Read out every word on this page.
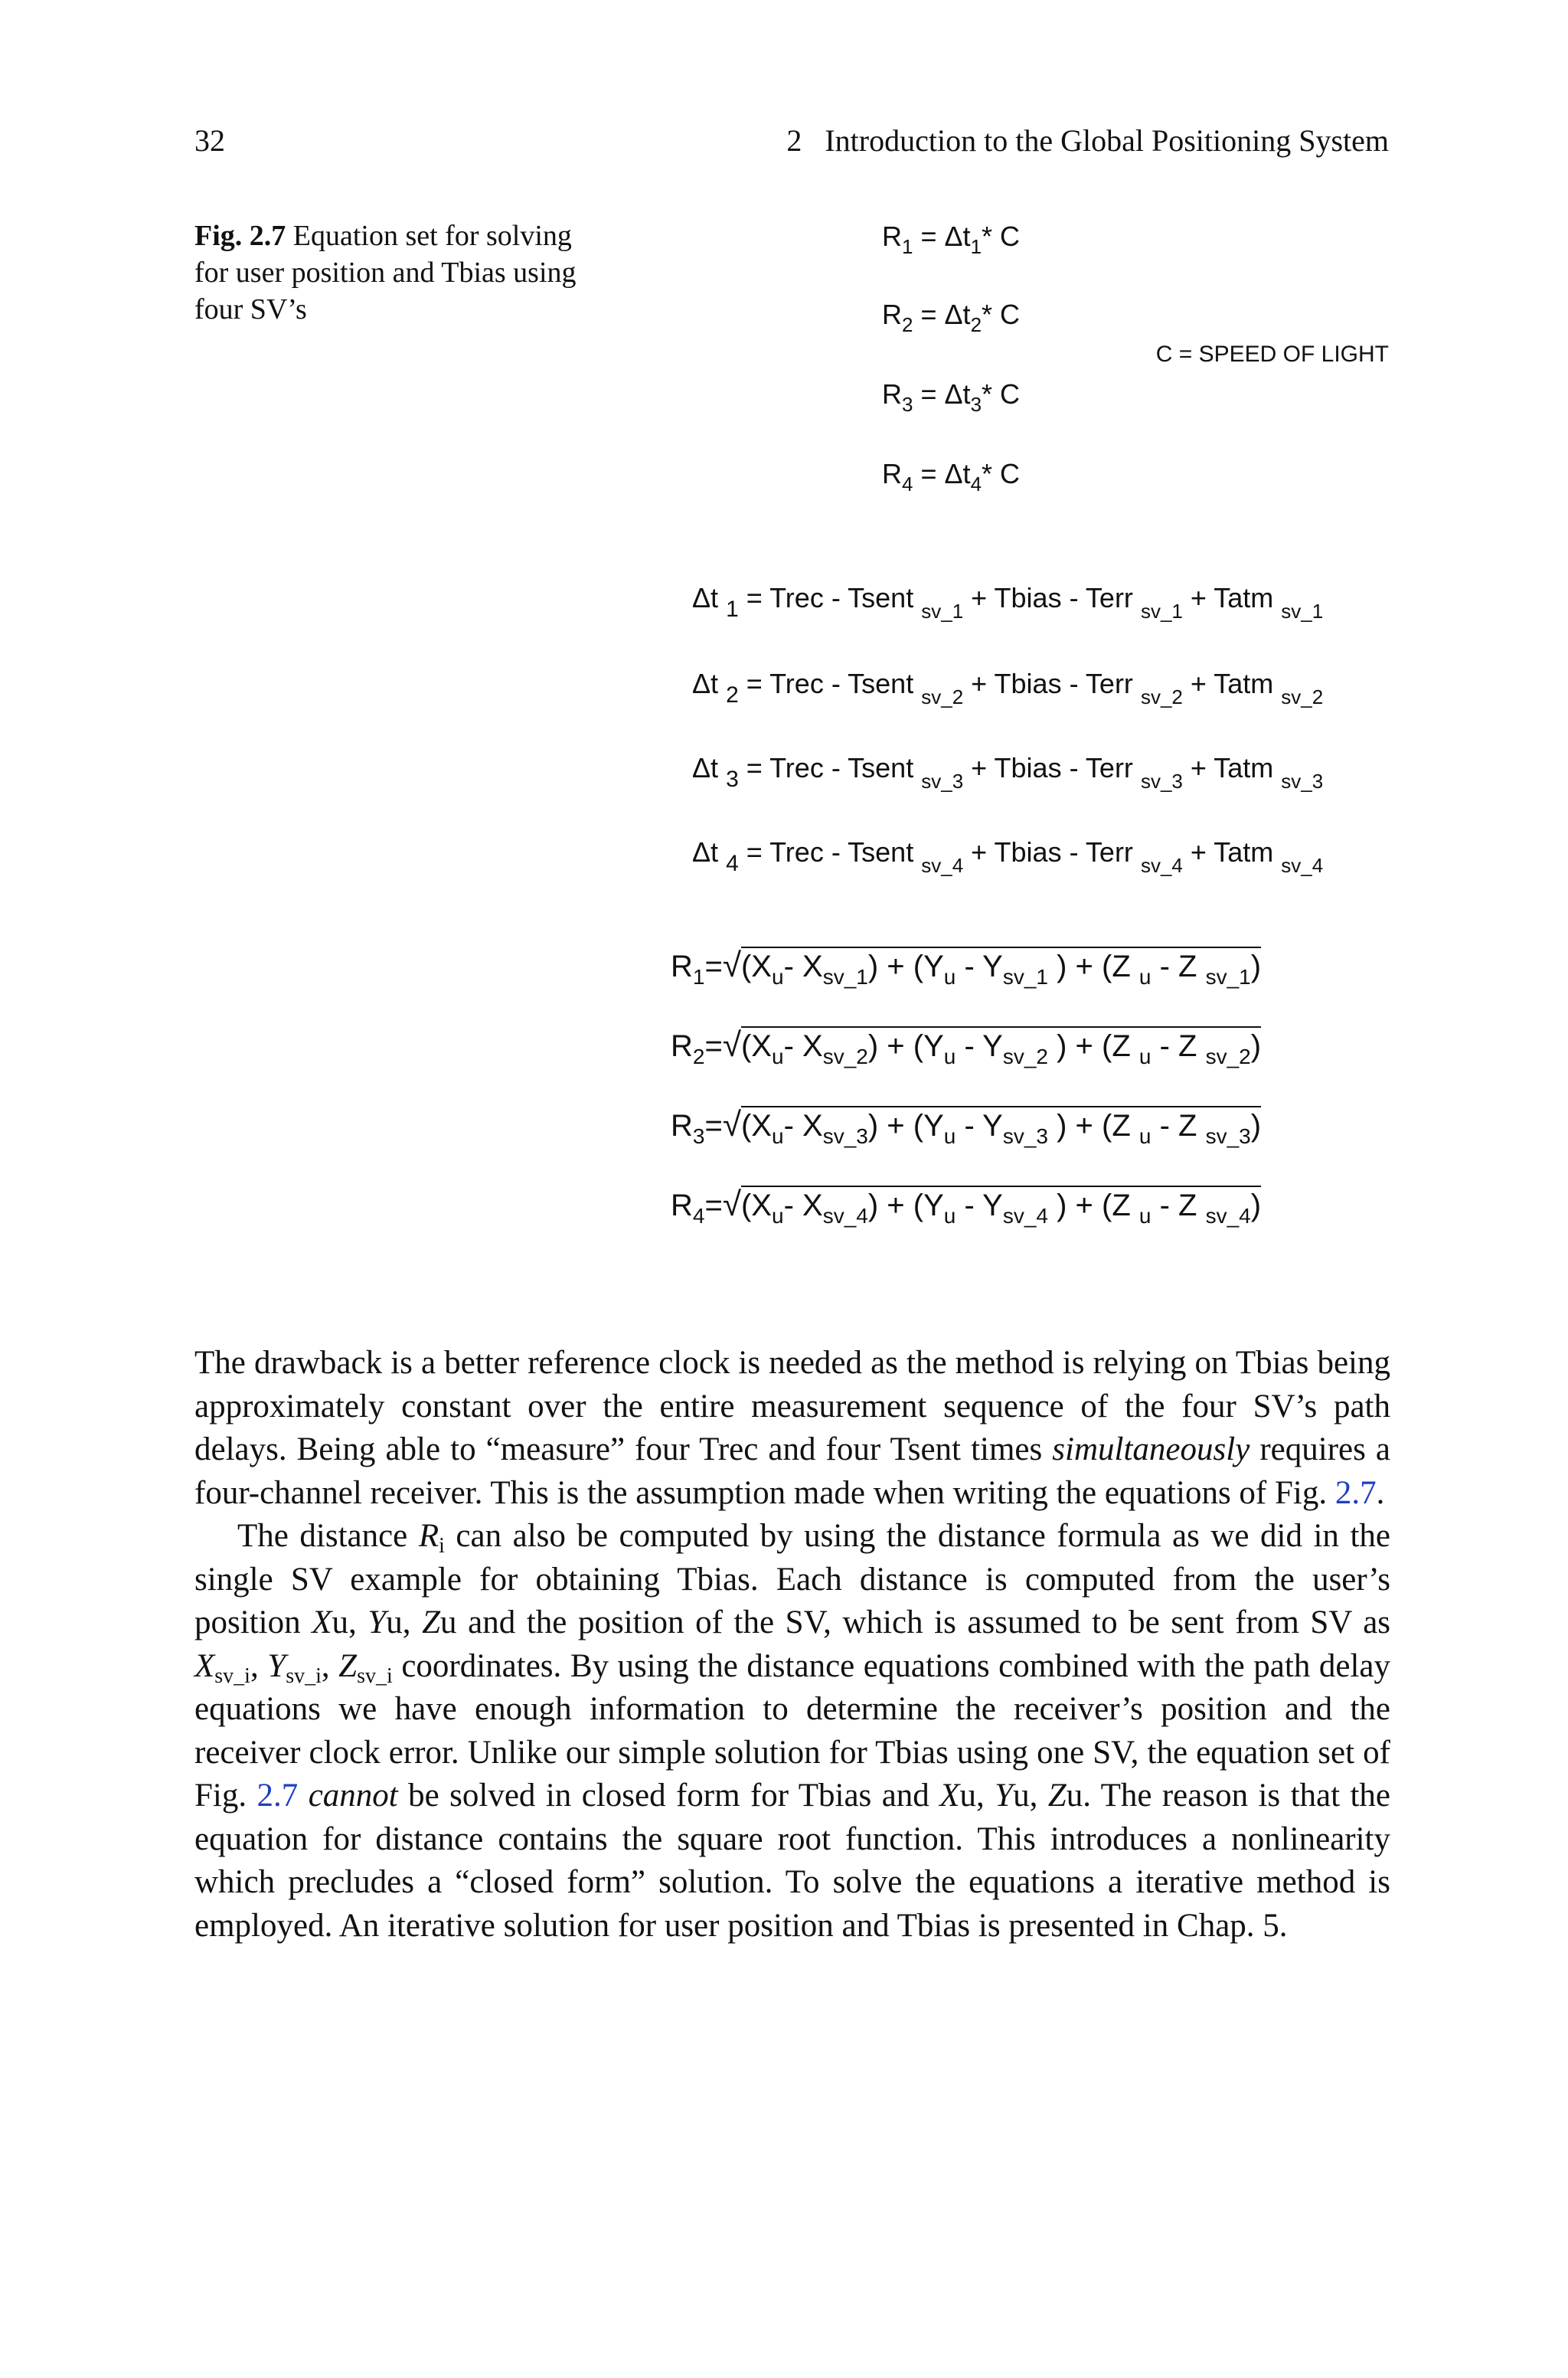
32	2 Introduction to the Global Positioning System
Fig. 2.7 Equation set for solving for user position and Tbias using four SV’s
$R_1 = \Delta t_1*$ C
$R_2 = \Delta t_2*$ C
$R_3 = \Delta t_3*$ C
$R_4 = \Delta t_4*$ C
C = SPEED OF LIGHT
Δt $_1$ = Trec - Tsent $_{sv\_1}$ + Tbias - Terr $_{sv\_1}$ + Tatm $_{sv\_1}$
Δt $_2$ = Trec - Tsent $_{sv\_2}$ + Tbias - Terr $_{sv\_2}$ + Tatm $_{sv\_2}$
Δt $_3$ = Trec - Tsent $_{sv\_3}$ + Tbias - Terr $_{sv\_3}$ + Tatm $_{sv\_3}$
Δt $_4$ = Trec - Tsent $_{sv\_4}$ + Tbias - Terr $_{sv\_4}$ + Tatm $_{sv\_4}$
$R_1=√(X_u-$ $X_{sv\_1}) + (Y_u - Y_{sv\_1}$ ) + (Z $_u$ - Z $_{sv\_1}$)
$R_2=√(X_u-$ $X_{sv\_2}) + (Y_u - Y_{sv\_2}$ ) + (Z $_u$ - Z $_{sv\_2}$)
$R_3=√(X_u-$ $X_{sv\_3}) + (Y_u - Y_{sv\_3}$ ) + (Z $_u$ - Z $_{sv\_3}$)
$R_4=√(X_u-$ $X_{sv\_4}) + (Y_u - Y_{sv\_4}$ ) + (Z $_u$ - Z $_{sv\_4}$)

The drawback is a better reference clock is needed as the method is relying on Tbias being approximately constant over the entire measurement sequence of the four SV’s path delays. Being able to “measure” four Trec and four Tsent times simultaneously requires a four-channel receiver. This is the assumption made when writing the equations of Fig. 2.7.

The distance $R_i$ can also be computed by using the distance formula as we did in the single SV example for obtaining Tbias. Each distance is computed from the user’s position Xu, Yu, Zu and the position of the SV, which is assumed to be sent from SV as $X_{sv\_i}$, $Y_{sv\_i}$, $Z_{sv\_i}$ coordinates. By using the distance equations combined with the path delay equations we have enough information to determine the receiver’s position and the receiver clock error. Unlike our simple solution for Tbias using one SV, the equation set of Fig. 2.7 cannot be solved in closed form for Tbias and Xu, Yu, Zu. The reason is that the equation for distance contains the square root function. This introduces a nonlinearity which precludes a “closed form” solution. To solve the equations a iterative method is employed. An iterative solution for user position and Tbias is presented in Chap. 5.
